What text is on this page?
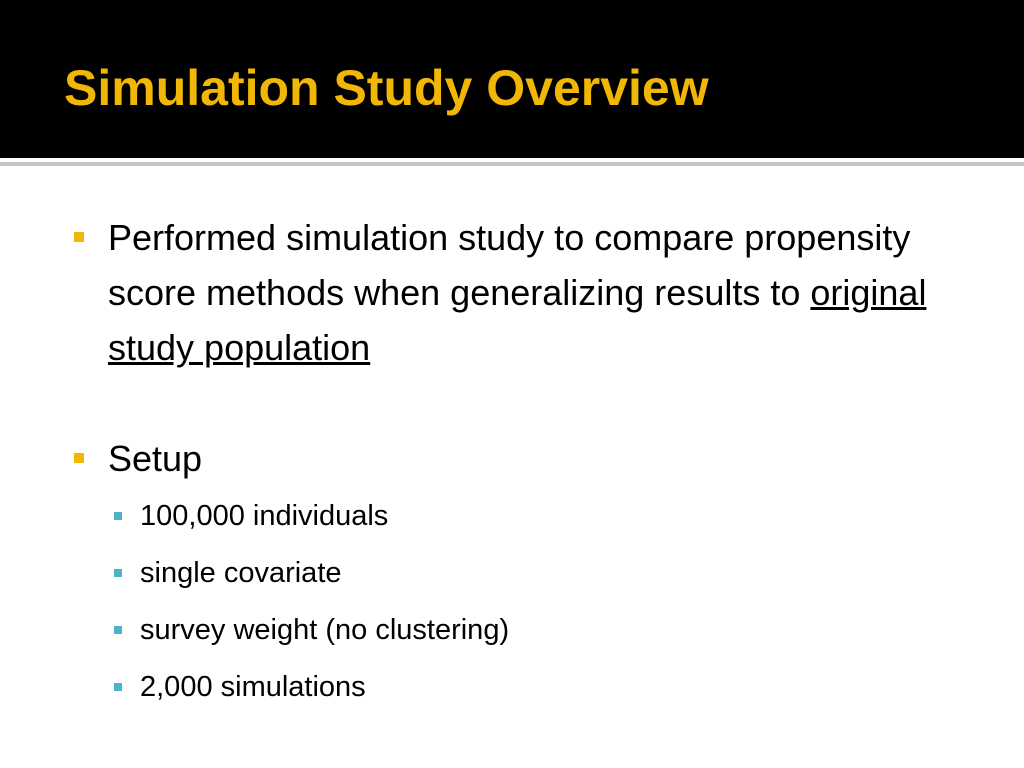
Simulation Study Overview
Performed simulation study to compare propensity score methods when generalizing results to original study population
Setup
100,000 individuals
single covariate
survey weight (no clustering)
2,000 simulations
